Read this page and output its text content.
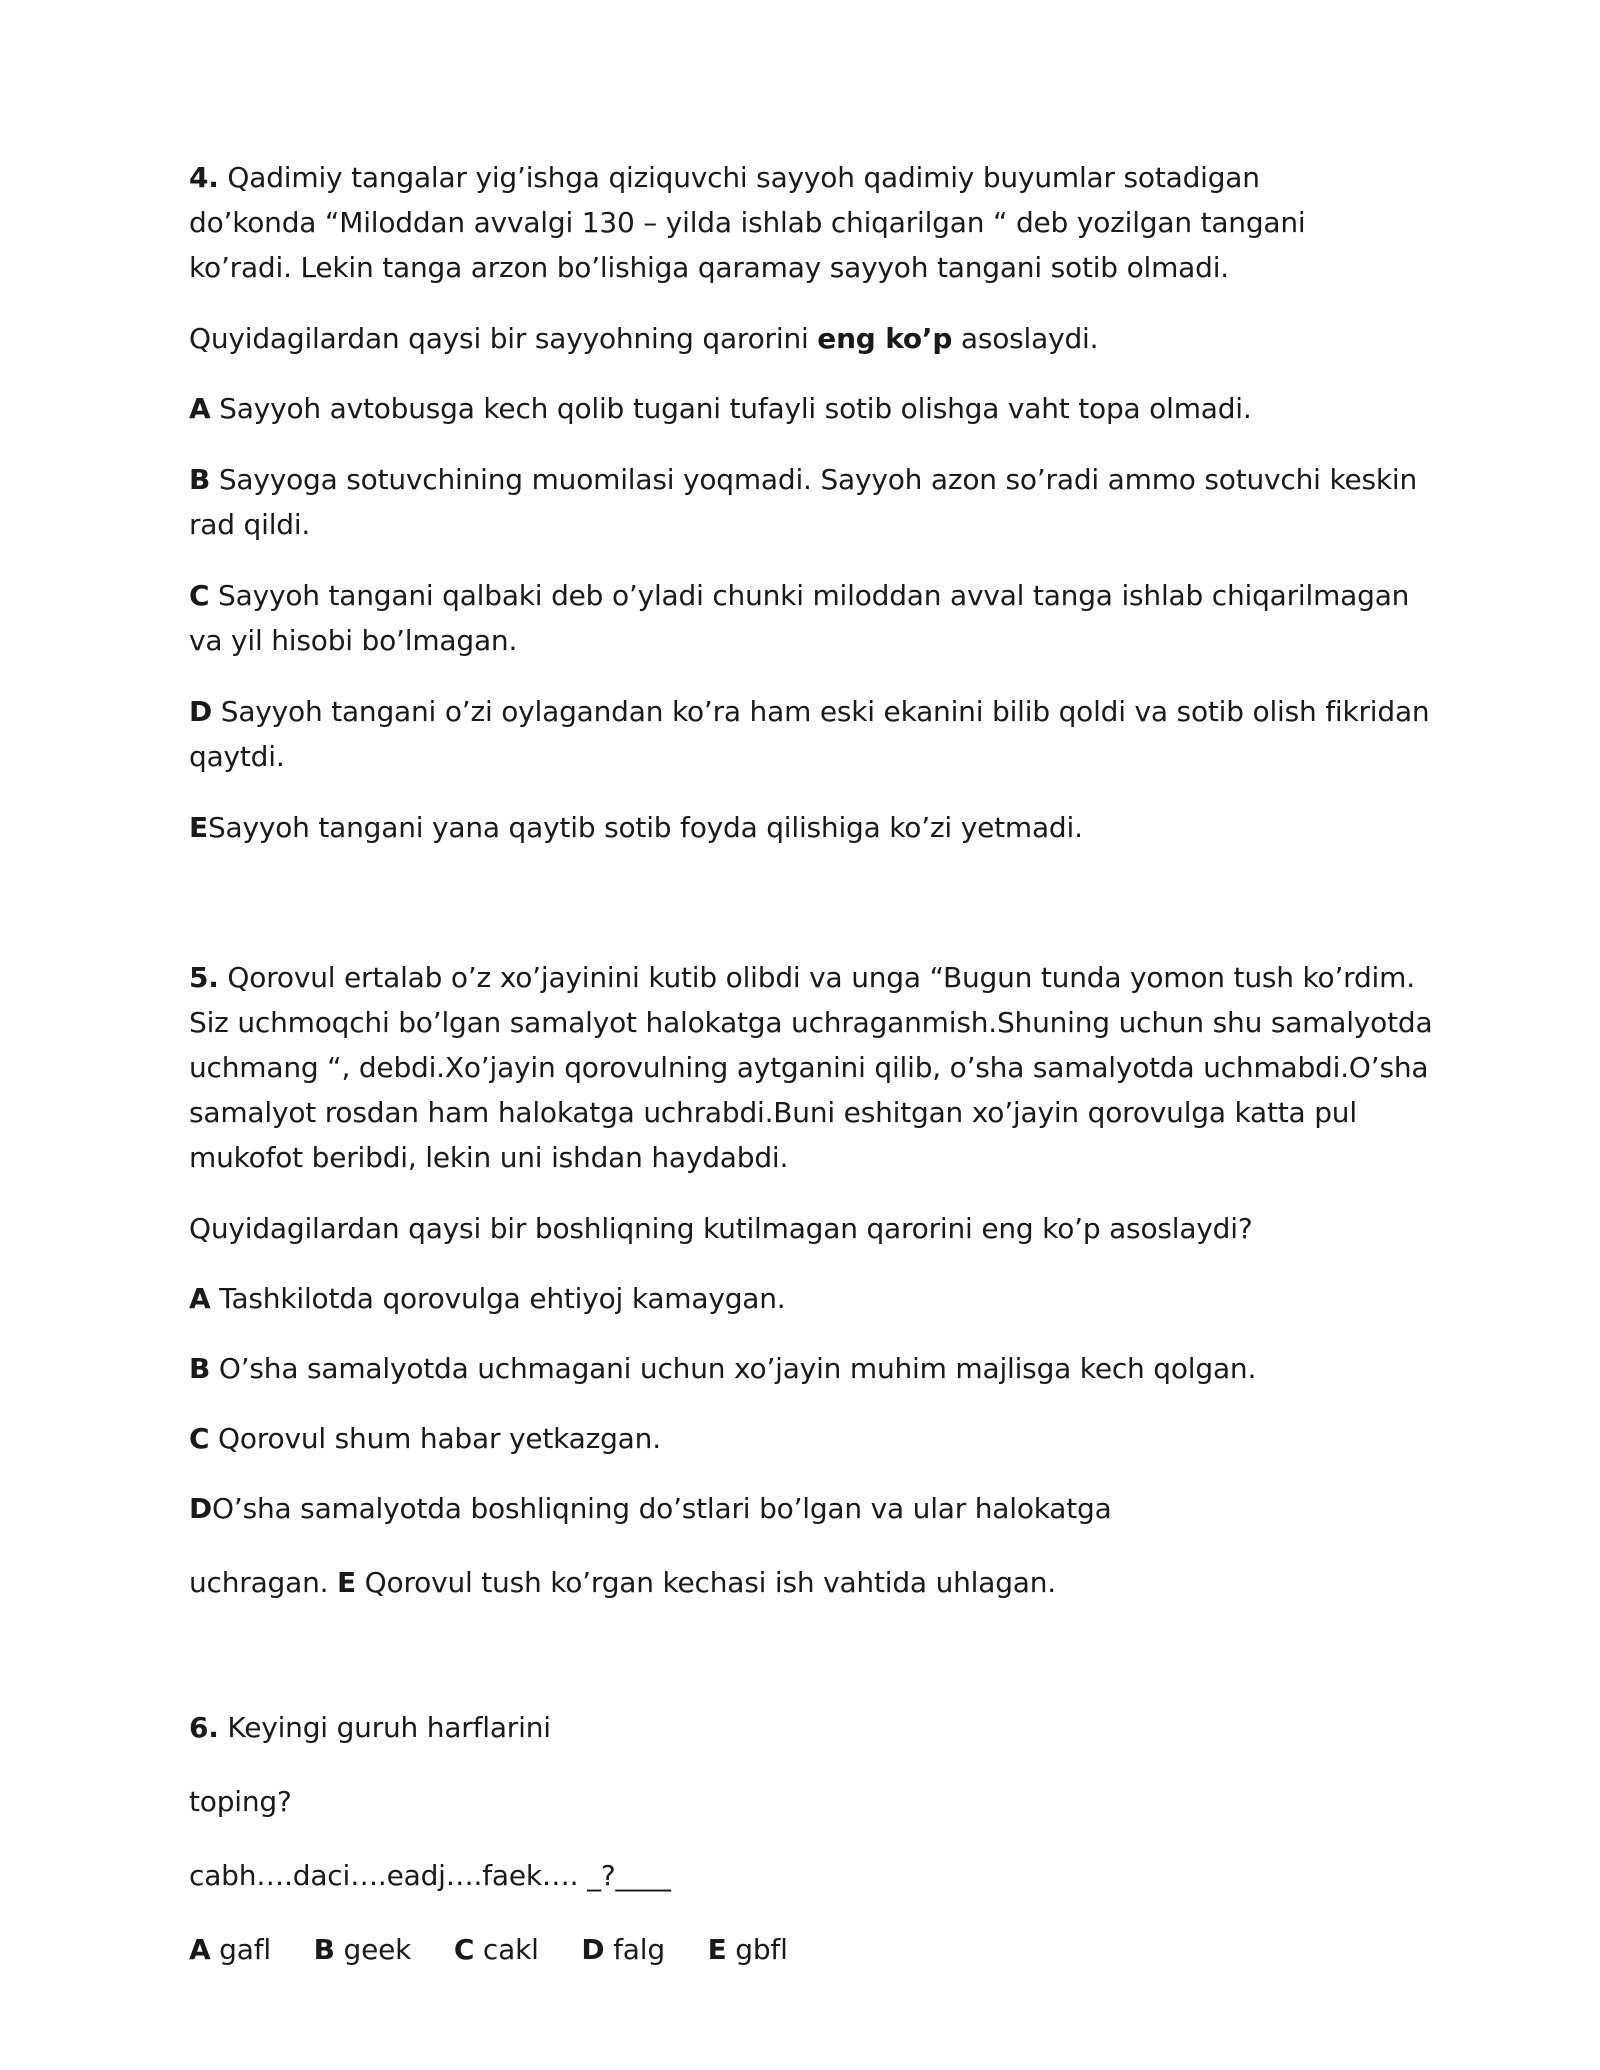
4. Qadimiy tangalar yig’ishga qiziquvchi sayyoh qadimiy buyumlar sotadigan
do’konda “Miloddan avvalgi 130 – yilda ishlab chiqarilgan “ deb yozilgan tangani
ko’radi. Lekin tanga arzon bo’lishiga qaramay sayyoh tangani sotib olmadi.
Quyidagilardan qaysi bir sayyohning qarorini eng ko’p asoslaydi.
A Sayyoh avtobusga kech qolib tugani tufayli sotib olishga vaht topa olmadi.
B Sayyoga sotuvchining muomilasi yoqmadi. Sayyoh azon so’radi ammo sotuvchi keskin
rad qildi.
C Sayyoh tangani qalbaki deb o’yladi chunki miloddan avval tanga ishlab chiqarilmagan
va yil hisobi bo’lmagan.
D Sayyoh tangani o’zi oylagandan ko’ra ham eski ekanini bilib qoldi va sotib olish fikridan
qaytdi.
ESayyoh tangani yana qaytib sotib foyda qilishiga ko’zi yetmadi.
5. Qorovul ertalab o’z xo’jayinini kutib olibdi va unga “Bugun tunda yomon tush ko’rdim.
Siz uchmoqchi bo’lgan samalyot halokatga uchraganmish.Shuning uchun shu samalyotda
uchmang “, debdi.Xo’jayin qorovulning aytganini qilib, o’sha samalyotda uchmabdi.O’sha
samalyot rosdan ham halokatga uchrabdi.Buni eshitgan xo’jayin qorovulga katta pul
mukofot beribdi, lekin uni ishdan haydabdi.
Quyidagilardan qaysi bir boshliqning kutilmagan qarorini eng ko’p asoslaydi?
A Tashkilotda qorovulga ehtiyoj kamaygan.
B O’sha samalyotda uchmagani uchun xo’jayin muhim majlisga kech qolgan.
C Qorovul shum habar yetkazgan.
DO’sha samalyotda boshliqning do’stlari bo’lgan va ular halokatga
uchragan. E Qorovul tush ko’rgan kechasi ish vahtida uhlagan.
6. Keyingi guruh harflarini
toping?
cabh….daci….eadj….faek…. _?____
A gafl B geek C cakl D falg E gbfl
